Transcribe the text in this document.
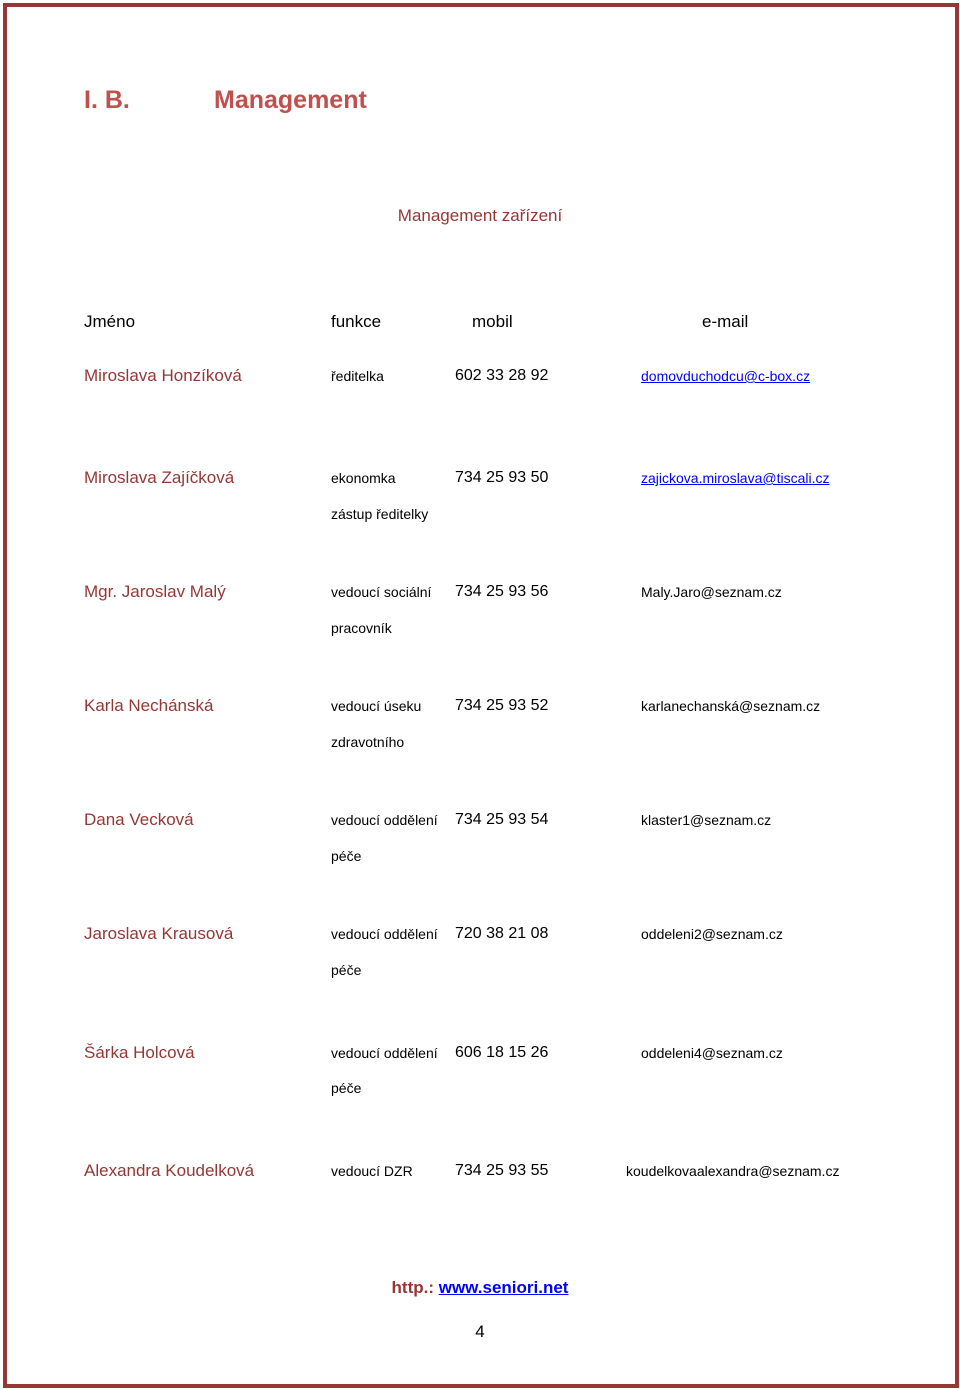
I. B.	Management
Management zařízení
Jméno	funkce	mobil	e-mail
Miroslava Honzíková	ředitelka	602 33 28 92	domovduchodcu@c-box.cz
Miroslava Zajíčková	ekonomka	734 25 93 50	zajickova.miroslava@tiscali.cz
zástup ředitelky
Mgr. Jaroslav Malý	vedoucí sociální 734 25 93 56	Maly.Jaro@seznam.cz
pracovník
Karla Nechánská	vedoucí úseku 734 25 93 52	karlanechanská@seznam.cz
zdravotního
Dana Vecková	vedoucí oddělení 734 25 93 54	klaster1@seznam.cz
péče
Jaroslava Krausová	vedoucí oddělení 720 38 21 08	oddeleni2@seznam.cz
péče
Šárka Holcová	vedoucí oddělení 606 18 15 26	oddeleni4@seznam.cz
péče
Alexandra Koudelková	vedoucí DZR	734 25 93 55	koudelkovaalexandra@seznam.cz
http.: www.seniori.net
4
